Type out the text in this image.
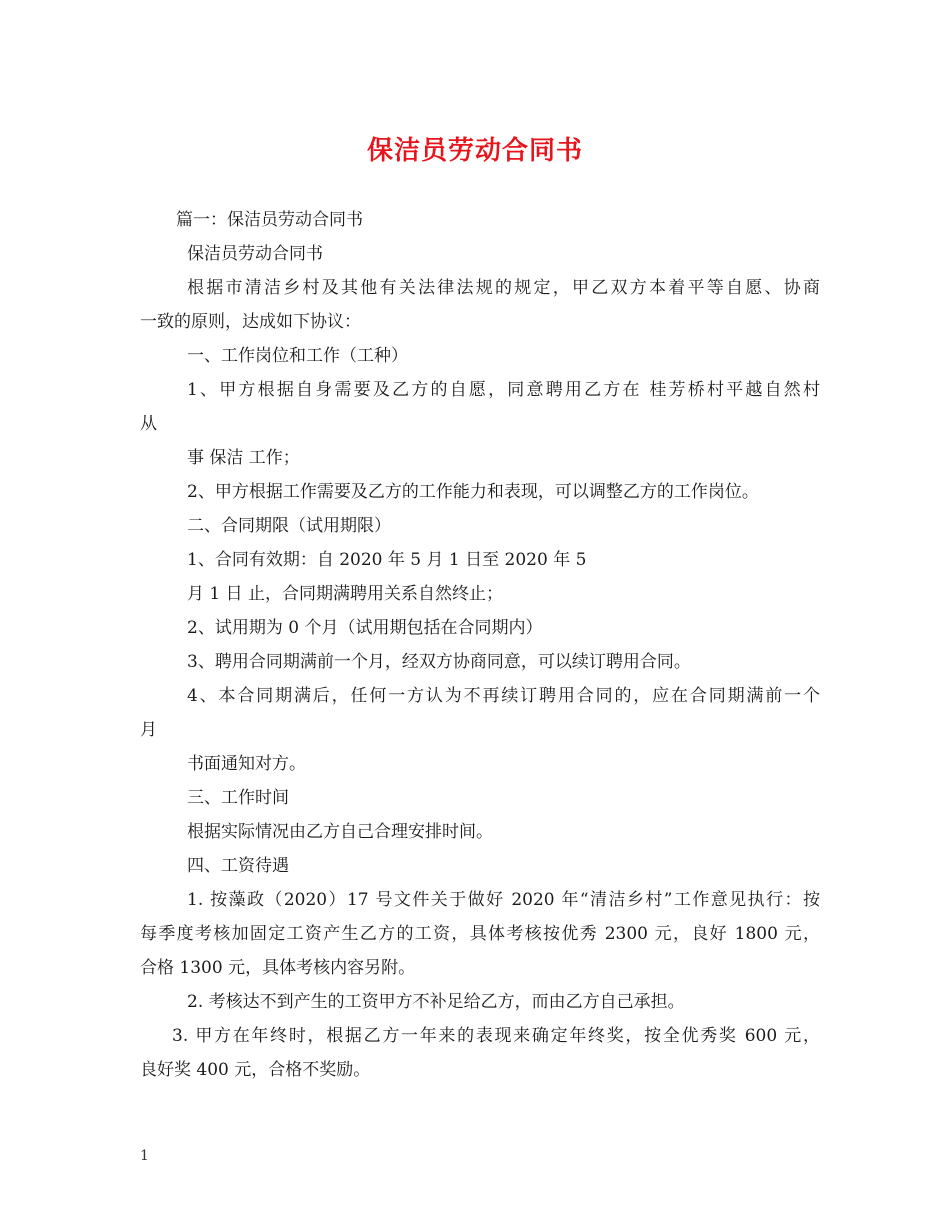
保洁员劳动合同书
篇一：保洁员劳动合同书
保洁员劳动合同书
根据市清洁乡村及其他有关法律法规的规定，甲乙双方本着平等自愿、协商
一致的原则，达成如下协议：
一、工作岗位和工作（工种）
1、甲方根据自身需要及乙方的自愿，同意聘用乙方在 桂芳桥村平越自然村
从
事 保洁 工作；
2、甲方根据工作需要及乙方的工作能力和表现，可以调整乙方的工作岗位。
二、合同期限（试用期限）
1、合同有效期：自 2020 年 5 月 1 日至 2020 年 5
月 1 日 止，合同期满聘用关系自然终止；
2、试用期为 0 个月（试用期包括在合同期内）
3、聘用合同期满前一个月，经双方协商同意，可以续订聘用合同。
4、本合同期满后，任何一方认为不再续订聘用合同的，应在合同期满前一个
月
书面通知对方。
三、工作时间
根据实际情况由乙方自己合理安排时间。
四、工资待遇
1. 按藻政（2020）17 号文件关于做好 2020 年“清洁乡村”工作意见执行：按
每季度考核加固定工资产生乙方的工资，具体考核按优秀 2300 元，良好 1800 元，
合格 1300 元，具体考核内容另附。
2. 考核达不到产生的工资甲方不补足给乙方，而由乙方自己承担。
3. 甲方在年终时，根据乙方一年来的表现来确定年终奖，按全优秀奖 600 元，
良好奖 400 元，合格不奖励。
1
